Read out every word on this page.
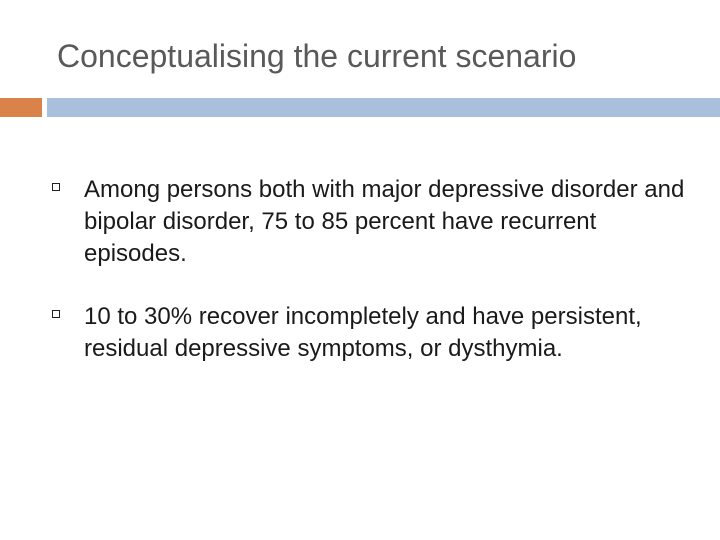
Conceptualising the current scenario
Among persons both with major depressive disorder and bipolar disorder, 75 to 85 percent have recurrent episodes.
10 to 30% recover incompletely and have persistent, residual depressive symptoms, or dysthymia.
